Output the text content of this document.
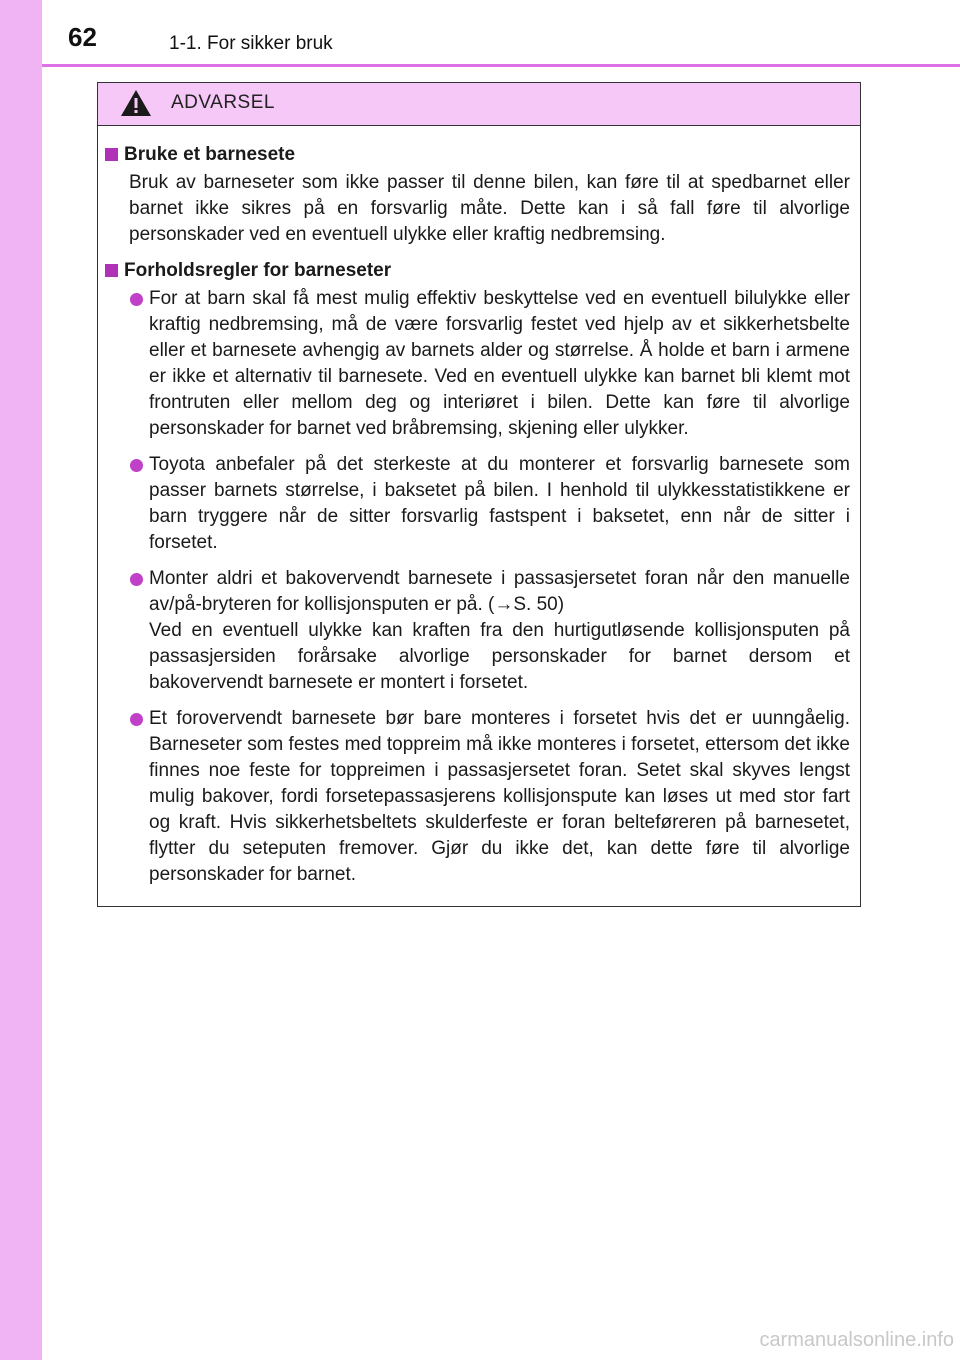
62	1-1. For sikker bruk
ADVARSEL
Bruke et barnesete
Bruk av barneseter som ikke passer til denne bilen, kan føre til at spedbarnet eller barnet ikke sikres på en forsvarlig måte. Dette kan i så fall føre til alvorlige personskader ved en eventuell ulykke eller kraftig nedbremsing.
Forholdsregler for barneseter
For at barn skal få mest mulig effektiv beskyttelse ved en eventuell bilulykke eller kraftig nedbremsing, må de være forsvarlig festet ved hjelp av et sikkerhetsbelte eller et barnesete avhengig av barnets alder og størrelse. Å holde et barn i armene er ikke et alternativ til barnesete. Ved en eventuell ulykke kan barnet bli klemt mot frontruten eller mellom deg og interiøret i bilen. Dette kan føre til alvorlige personskader for barnet ved bråbremsing, skjening eller ulykker.
Toyota anbefaler på det sterkeste at du monterer et forsvarlig barnesete som passer barnets størrelse, i baksetet på bilen. I henhold til ulykkesstatistikkene er barn tryggere når de sitter forsvarlig fastspent i baksetet, enn når de sitter i forsetet.
Monter aldri et bakovervendt barnesete i passasjersetet foran når den manuelle av/på-bryteren for kollisjonsputen er på. (→S. 50)
Ved en eventuell ulykke kan kraften fra den hurtigutløsende kollisjonsputen på passasjersiden forårsake alvorlige personskader for barnet dersom et bakovervendt barnesete er montert i forsetet.
Et forovervendt barnesete bør bare monteres i forsetet hvis det er uunngåelig. Barneseter som festes med toppreim må ikke monteres i forsetet, ettersom det ikke finnes noe feste for toppreimen i passasjersetet foran. Setet skal skyves lengst mulig bakover, fordi forsetepassasjerens kollisjonspute kan løses ut med stor fart og kraft. Hvis sikkerhetsbeltets skulderfeste er foran belteføreren på barnesetet, flytter du seteputen fremover. Gjør du ikke det, kan dette føre til alvorlige personskader for barnet.
carmanualsonline.info
